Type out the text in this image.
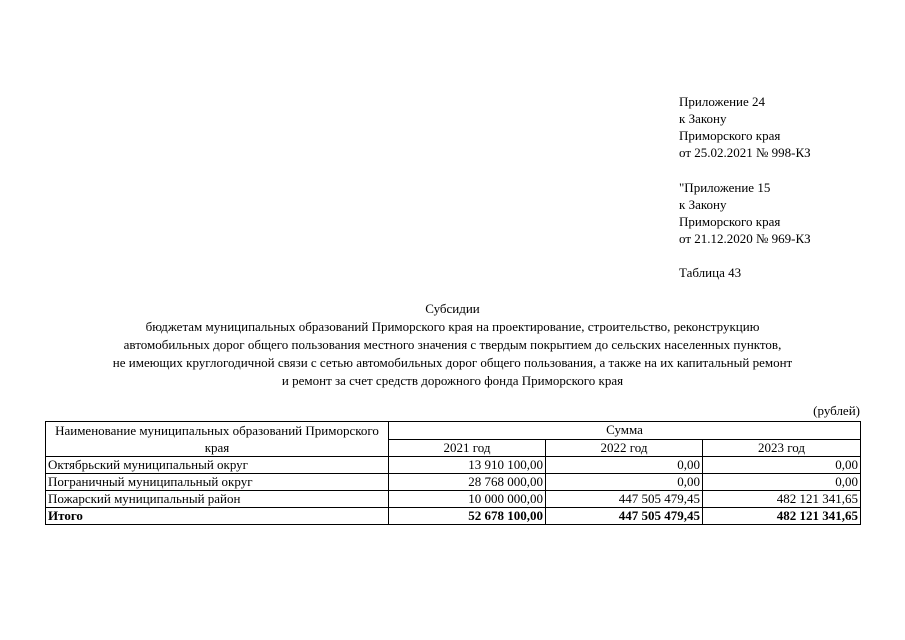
Приложение 24
к Закону
Приморского края
от 25.02.2021 № 998-КЗ
"Приложение 15
к Закону
Приморского края
от 21.12.2020 № 969-КЗ
Таблица 43
Субсидии
бюджетам муниципальных образований Приморского края на проектирование, строительство, реконструкцию
автомобильных дорог общего пользования местного значения с твердым покрытием до сельских населенных пунктов,
не имеющих круглогодичной связи с сетью автомобильных дорог общего пользования, а также на их капитальный ремонт
и ремонт за счет средств дорожного фонда Приморского края
(рублей)
Наименование муниципальных образований Приморского края	Сумма		
	2021 год	2022 год	2023 год
Октябрьский муниципальный округ	13 910 100,00	0,00	0,00
Пограничный муниципальный округ	28 768 000,00	0,00	0,00
Пожарский муниципальный район	10 000 000,00	447 505 479,45	482 121 341,65
Итого	52 678 100,00	447 505 479,45	482 121 341,65
